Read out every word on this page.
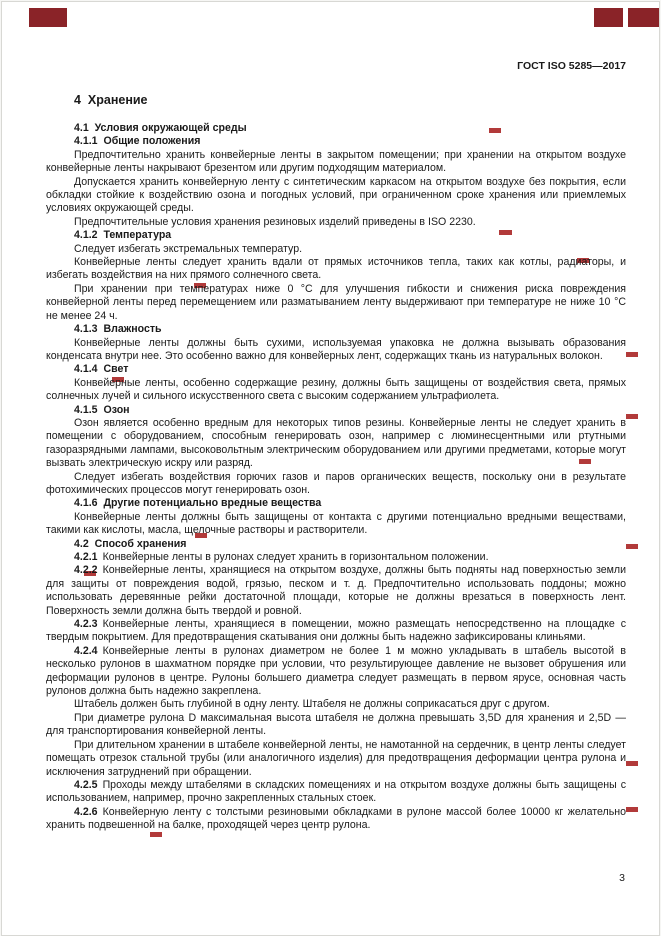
ГОСТ ISO 5285—2017
4  Хранение
4.1  Условия окружающей среды
4.1.1  Общие положения

Предпочтительно хранить конвейерные ленты в закрытом помещении; при хранении на открытом воздухе конвейерные ленты накрывают брезентом или другим подходящим материалом.

Допускается хранить конвейерную ленту с синтетическим каркасом на открытом воздухе без покрытия, если обкладки стойкие к воздействию озона и погодных условий, при ограниченном сроке хранения или приемлемых условиях окружающей среды.

Предпочтительные условия хранения резиновых изделий приведены в ISO 2230.

4.1.2  Температура

Следует избегать экстремальных температур.

Конвейерные ленты следует хранить вдали от прямых источников тепла, таких как котлы, радиаторы, и избегать воздействия на них прямого солнечного света.

При хранении при температурах ниже 0 °С для улучшения гибкости и снижения риска повреждения конвейерной ленты перед перемещением или разматыванием ленту выдерживают при температуре не ниже 10 °С не менее 24 ч.

4.1.3  Влажность

Конвейерные ленты должны быть сухими, используемая упаковка не должна вызывать образования конденсата внутри нее. Это особенно важно для конвейерных лент, содержащих ткань из натуральных волокон.

4.1.4  Свет

Конвейерные ленты, особенно содержащие резину, должны быть защищены от воздействия света, прямых солнечных лучей и сильного искусственного света с высоким содержанием ультрафиолета.

4.1.5  Озон

Озон является особенно вредным для некоторых типов резины. Конвейерные ленты не следует хранить в помещении с оборудованием, способным генерировать озон, например с люминесцентными или ртутными газоразрядными лампами, высоковольтным электрическим оборудованием или другими предметами, которые могут вызвать электрическую искру или разряд.

Следует избегать воздействия горючих газов и паров органических веществ, поскольку они в результате фотохимических процессов могут генерировать озон.

4.1.6  Другие потенциально вредные вещества

Конвейерные ленты должны быть защищены от контакта с другими потенциально вредными веществами, такими как кислоты, масла, щелочные растворы и растворители.

4.2  Способ хранения

4.2.1 Конвейерные ленты в рулонах следует хранить в горизонтальном положении.

4.2.2 Конвейерные ленты, хранящиеся на открытом воздухе, должны быть подняты над поверхностью земли для защиты от повреждения водой, грязью, песком и т. д. Предпочтительно использовать поддоны; можно использовать деревянные рейки достаточной площади, которые не должны врезаться в поверхность лент. Поверхность земли должна быть твердой и ровной.

4.2.3 Конвейерные ленты, хранящиеся в помещении, можно размещать непосредственно на площадке с твердым покрытием. Для предотвращения скатывания они должны быть надежно зафиксированы клиньями.

4.2.4 Конвейерные ленты в рулонах диаметром не более 1 м можно укладывать в штабель высотой в несколько рулонов в шахматном порядке при условии, что результирующее давление не вызовет обрушения или деформации рулонов в центре. Рулоны большего диаметра следует размещать в первом ярусе, основная часть рулонов должна быть надежно закреплена.

Штабель должен быть глубиной в одну ленту. Штабеля не должны соприкасаться друг с другом.

При диаметре рулона D максимальная высота штабеля не должна превышать 3,5D для хранения и 2,5D — для транспортирования конвейерной ленты.

При длительном хранении в штабеле конвейерной ленты, не намотанной на сердечник, в центр ленты следует помещать отрезок стальной трубы (или аналогичного изделия) для предотвращения деформации центра рулона и исключения затруднений при обращении.

4.2.5 Проходы между штабелями в складских помещениях и на открытом воздухе должны быть защищены с использованием, например, прочно закрепленных стальных стоек.

4.2.6 Конвейерную ленту с толстыми резиновыми обкладками в рулоне массой более 10000 кг желательно хранить подвешенной на балке, проходящей через центр рулона.

3
